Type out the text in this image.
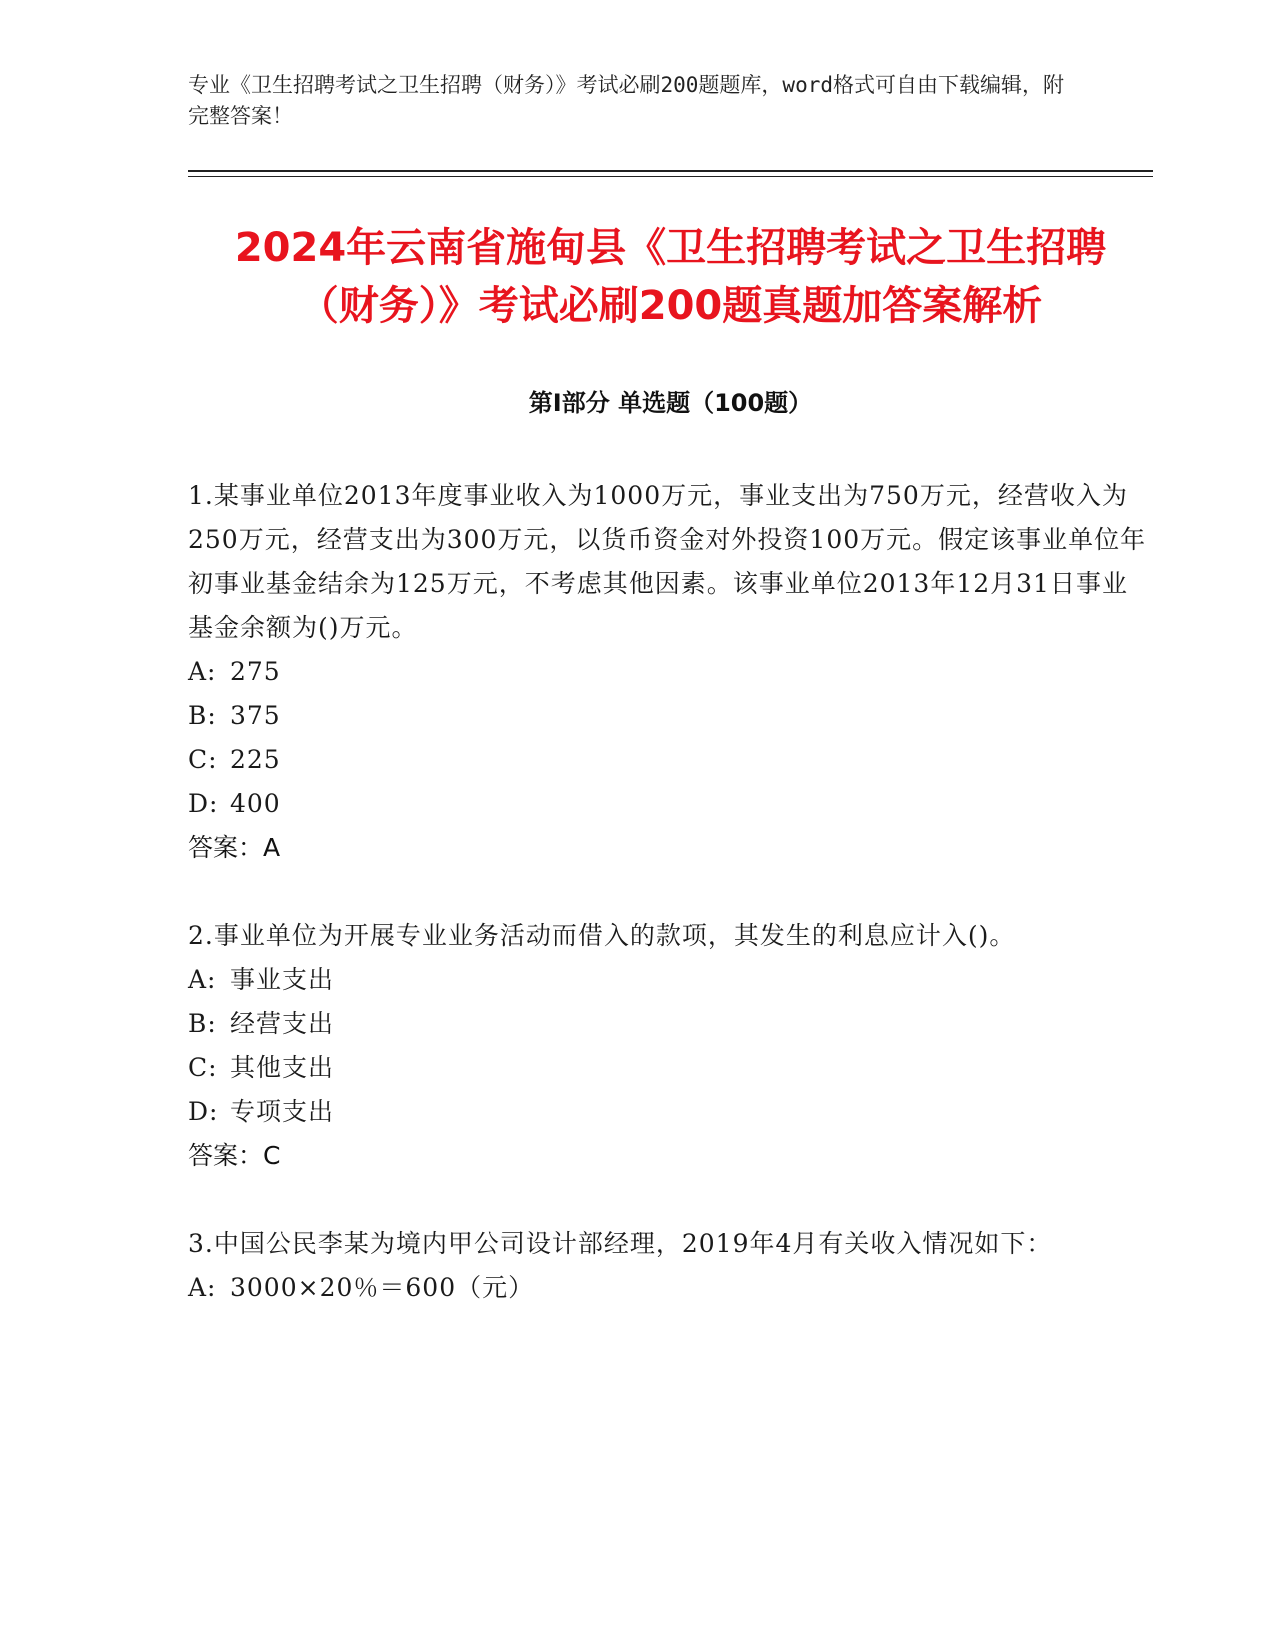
专业《卫生招聘考试之卫生招聘（财务）》考试必刷200题题库，word格式可自由下载编辑，附完整答案！
2024年云南省施甸县《卫生招聘考试之卫生招聘（财务）》考试必刷200题真题加答案解析
第Ⅰ部分 单选题（100题）
1.某事业单位2013年度事业收入为1000万元，事业支出为750万元，经营收入为250万元，经营支出为300万元，以货币资金对外投资100万元。假定该事业单位年初事业基金结余为125万元，不考虑其他因素。该事业单位2013年12月31日事业基金余额为()万元。
A: 275
B: 375
C: 225
D: 400
答案：A
2.事业单位为开展专业业务活动而借入的款项，其发生的利息应计入()。
A: 事业支出
B: 经营支出
C: 其他支出
D: 专项支出
答案：C
3.中国公民李某为境内甲公司设计部经理，2019年4月有关收入情况如下：
A: 3000×20％＝600（元）
